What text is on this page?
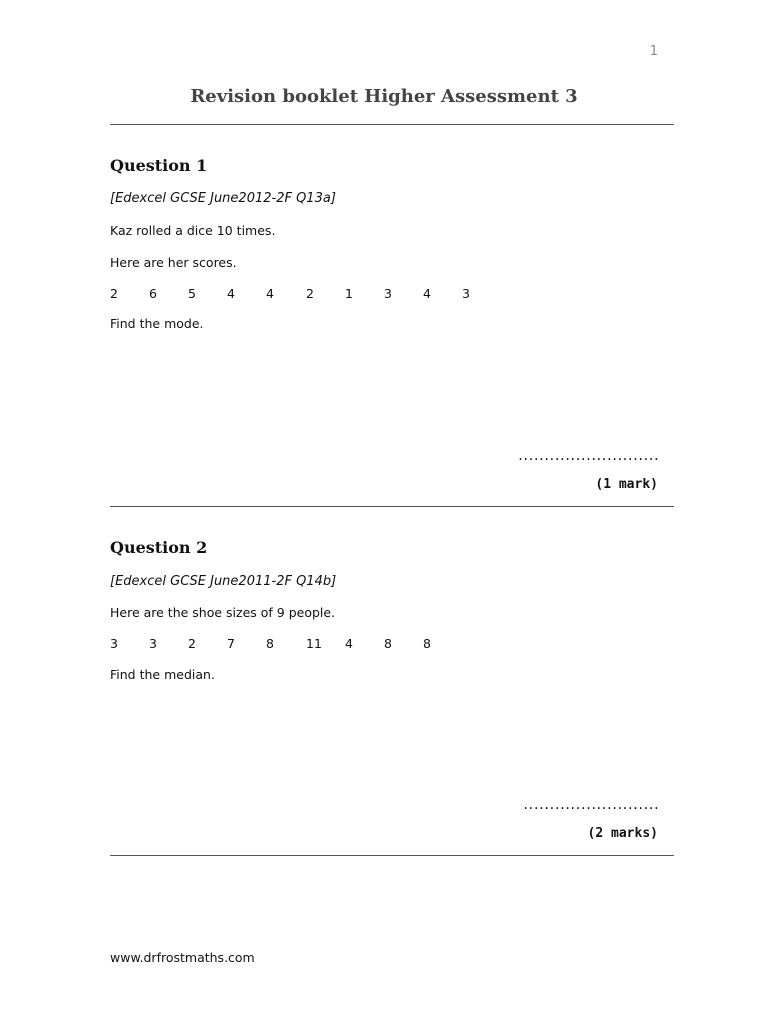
1
Revision booklet Higher Assessment 3
Question 1
[Edexcel GCSE June2012-2F Q13a]
Kaz rolled a dice 10 times.
Here are her scores.
2 6 5 4 4	2 1 3 4 3
Find the mode.
...........................
(1 mark)
Question 2
[Edexcel GCSE June2011-2F Q14b]
Here are the shoe sizes of 9 people.
3 3 2 7 8	11 4 8 8
Find the median.
..........................
(2 marks)
www.drfrostmaths.com
